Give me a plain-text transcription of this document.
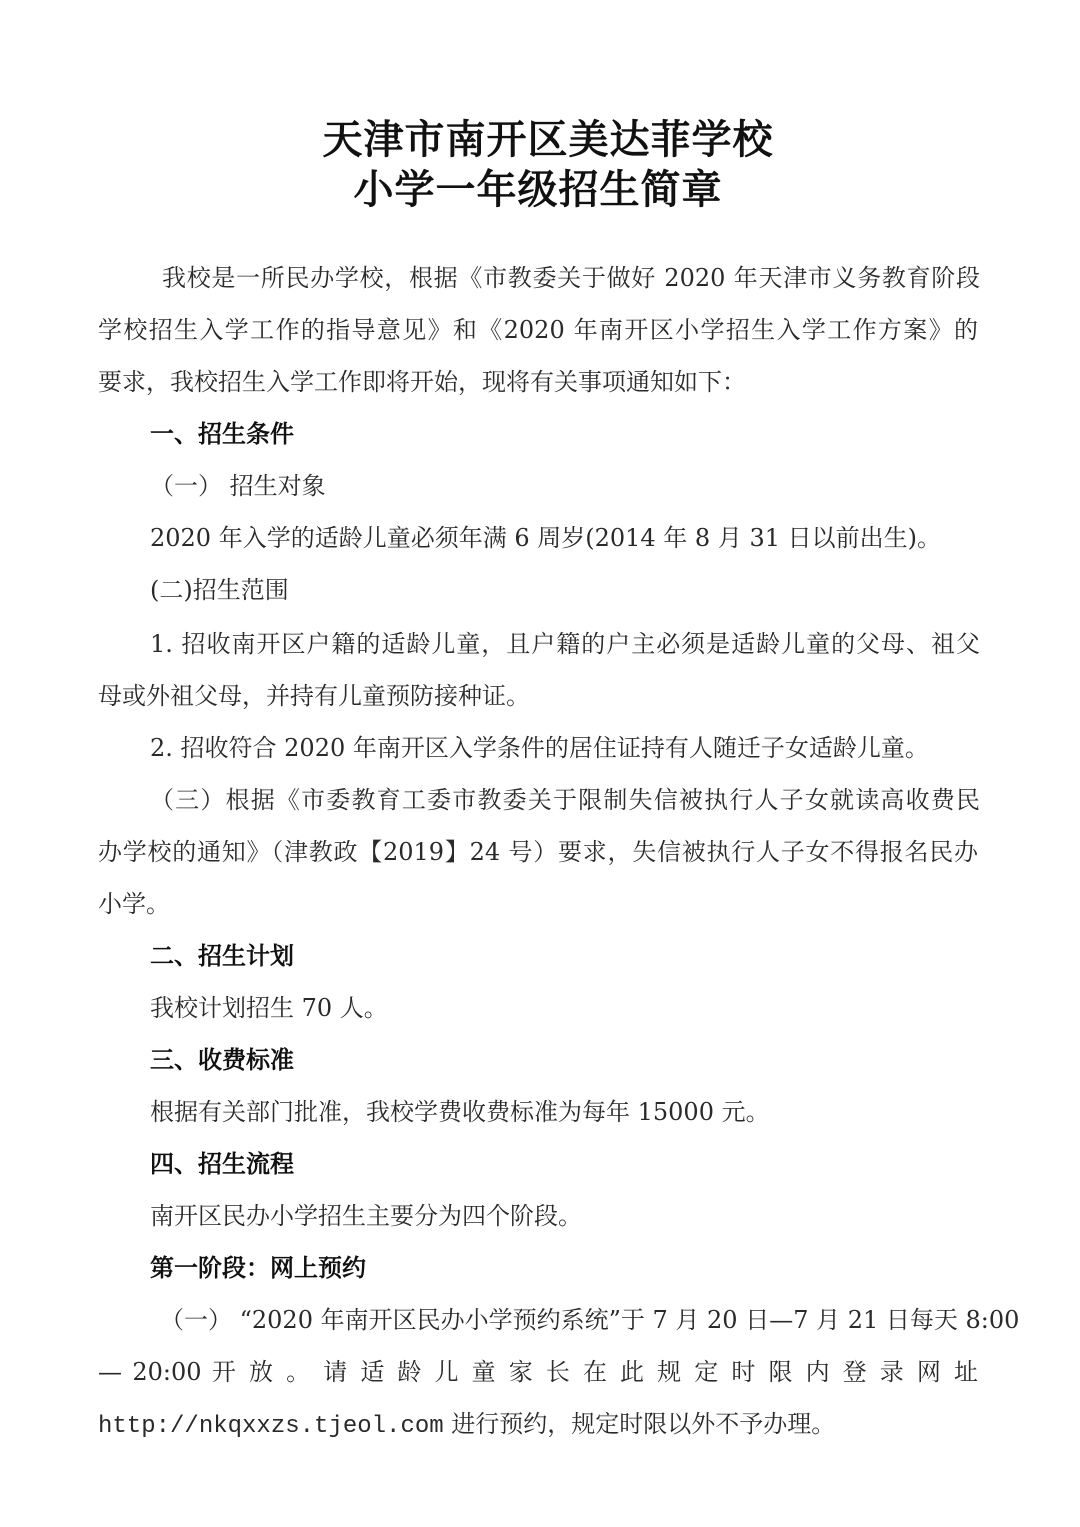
天津市南开区美达菲学校
小学一年级招生简章
我校是一所民办学校，根据《市教委关于做好 2020 年天津市义务教育阶段
学校招生入学工作的指导意见》和《2020 年南开区小学招生入学工作方案》的
要求，我校招生入学工作即将开始，现将有关事项通知如下：
一、招生条件
（一） 招生对象
2020 年入学的适龄儿童必须年满 6 周岁(2014 年 8 月 31 日以前出生)。
(二)招生范围
1. 招收南开区户籍的适龄儿童，且户籍的户主必须是适龄儿童的父母、祖父
母或外祖父母，并持有儿童预防接种证。
2. 招收符合 2020 年南开区入学条件的居住证持有人随迁子女适龄儿童。
（三）根据《市委教育工委市教委关于限制失信被执行人子女就读高收费民
办学校的通知》（津教政【2019】24 号）要求，失信被执行人子女不得报名民办
小学。
二、招生计划
我校计划招生 70 人。
三、收费标准
根据有关部门批准，我校学费收费标准为每年 15000 元。
四、招生流程
南开区民办小学招生主要分为四个阶段。
第一阶段：网上预约
（一） “2020 年南开区民办小学预约系统”于 7 月 20 日—7 月 21 日每天 8:00
— 20:00 开 放 。 请 适 龄 儿 童 家 长 在 此 规 定 时 限 内 登 录 网 址
http://nkqxxzs.tjeol.com 进行预约，规定时限以外不予办理。
